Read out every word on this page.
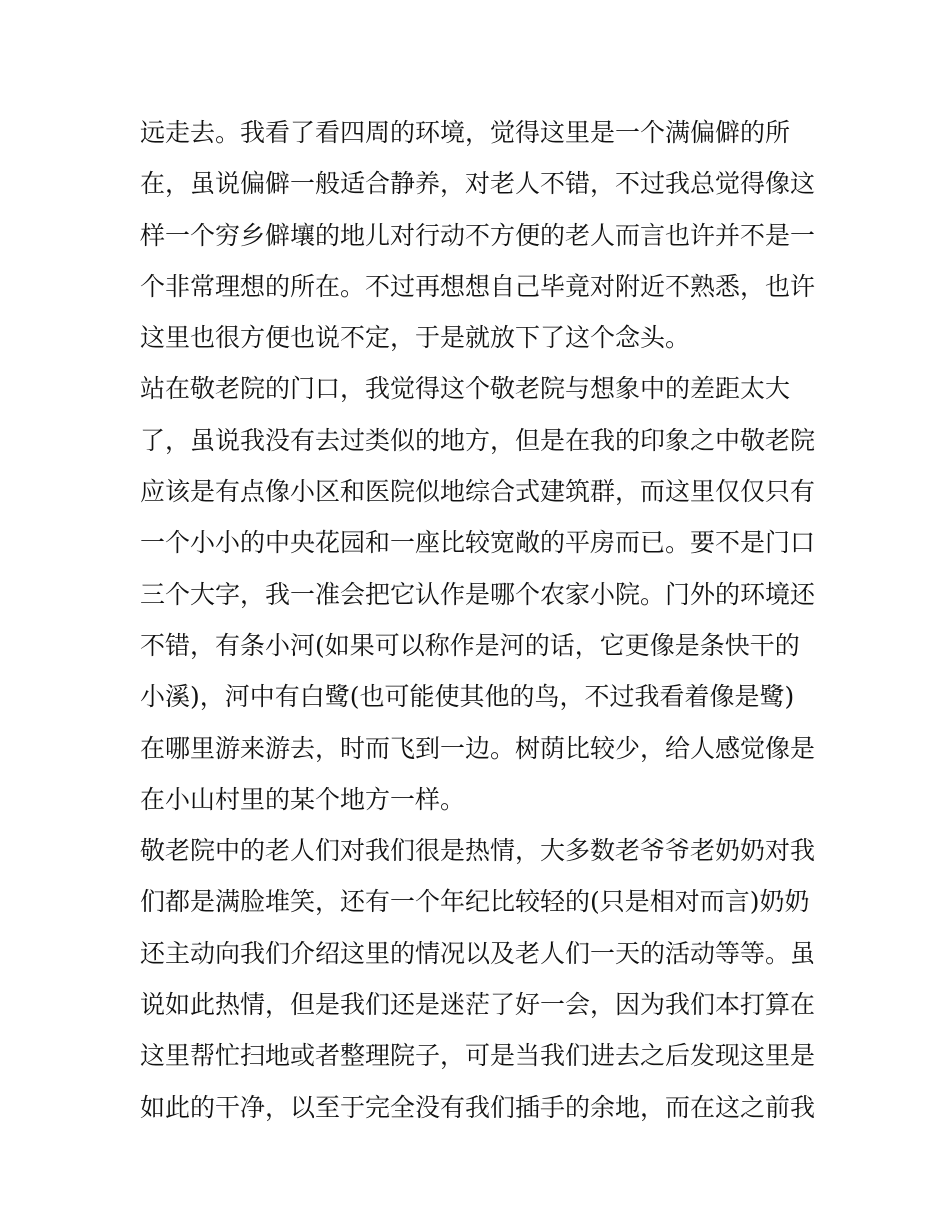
远走去。我看了看四周的环境，觉得这里是一个满偏僻的所
在，虽说偏僻一般适合静养，对老人不错，不过我总觉得像这
样一个穷乡僻壤的地儿对行动不方便的老人而言也许并不是一
个非常理想的所在。不过再想想自己毕竟对附近不熟悉，也许
这里也很方便也说不定，于是就放下了这个念头。
站在敬老院的门口，我觉得这个敬老院与想象中的差距太大
了，虽说我没有去过类似的地方，但是在我的印象之中敬老院
应该是有点像小区和医院似地综合式建筑群，而这里仅仅只有
一个小小的中央花园和一座比较宽敞的平房而已。要不是门口
三个大字，我一准会把它认作是哪个农家小院。门外的环境还
不错，有条小河(如果可以称作是河的话，它更像是条快干的
小溪)，河中有白鹭(也可能使其他的鸟，不过我看着像是鹭)
在哪里游来游去，时而飞到一边。树荫比较少，给人感觉像是
在小山村里的某个地方一样。
敬老院中的老人们对我们很是热情，大多数老爷爷老奶奶对我
们都是满脸堆笑，还有一个年纪比较轻的(只是相对而言)奶奶
还主动向我们介绍这里的情况以及老人们一天的活动等等。虽
说如此热情，但是我们还是迷茫了好一会，因为我们本打算在
这里帮忙扫地或者整理院子，可是当我们进去之后发现这里是
如此的干净，以至于完全没有我们插手的余地，而在这之前我
